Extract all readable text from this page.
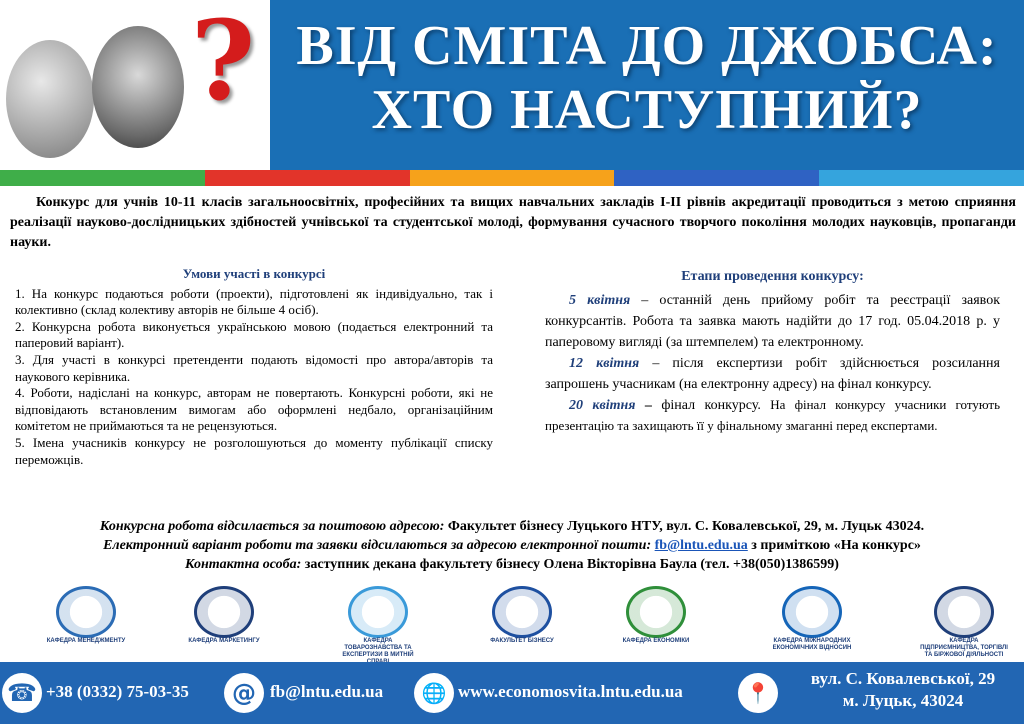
? ВІД СМІТА ДО ДЖОБСА:
ХТО НАСТУПНИЙ?
Конкурс для учнів 10-11 класів загальноосвітніх, професійних та вищих навчальних закладів I-II рівнів акредитації проводиться з метою сприяння реалізації науково-дослідницьких здібностей учнівської та студентської молоді, формування сучасного творчого покоління молодих науковців, пропаганди науки.
Умови участі в конкурсі

1. На конкурс подаються роботи (проекти), підготовлені як індивідуально, так і колективно (склад колективу авторів не більше 4 осіб).

2. Конкурсна робота виконується українською мовою (подається електронний та паперовий варіант).

3. Для участі в конкурсі претенденти подають відомості про автора/авторів та наукового керівника.

4. Роботи, надіслані на конкурс, авторам не повертають. Конкурсні роботи, які не відповідають встановленим вимогам або оформлені недбало, організаційним комітетом не приймаються та не рецензуються.

5. Імена учасників конкурсу не розголошуються до моменту публікації списку переможців.

Етапи проведення конкурсу:

5 квітня – останній день прийому робіт та реєстрації заявок конкурсантів. Робота та заявка мають надійти до 17 год. 05.04.2018 р. у паперовому вигляді (за штемпелем) та електронному.

12 квітня – після експертизи робіт здійснюється розсилання запрошень учасникам (на електронну адресу) на фінал конкурсу.

20 квітня – фінал конкурсу. На фінал конкурсу учасники готують презентацію та захищають її у фінальному змаганні перед експертами.

Конкурсна робота відсилається за поштовою адресою: Факультет бізнесу Луцького НТУ, вул. С. Ковалевської, 29, м. Луцьк 43024.
Електронний варіант роботи та заявки відсилаються за адресою електронної пошти: fb@lntu.edu.ua з приміткою «На конкурс»
Контактна особа: заступник декана факультету бізнесу Олена Вікторівна Баула (тел. +38(050)1386599)
КАФЕДРА МЕНЕДЖМЕНТУ	КАФЕДРА МАРКЕТИНГУ	КАФЕДРА ТОВАРОЗНАВСТВА ТА ЕКСПЕРТИЗИ В МИТНІЙ
ФАКУЛЬТЕТ БІЗНЕСУ	КАФЕДРА ЕКОНОМІКИ	КАФЕДРА МІЖНАРОДНИХ ЕКОНОМІЧНИХ ВІДНОСИН
КАФЕДРА ПІДПРИЄМНИЦТВА, ТОРГІВЛІ ТА БІРЖОВОЇ ДІЯЛЬНОСТІ
☎ +38 (0332) 75-03-35	@ fb@lntu.edu.ua	🌐 www.economosvita.lntu.edu.ua	📍
вул. С. Ковалевської, 29
м. Луцьк, 43024
